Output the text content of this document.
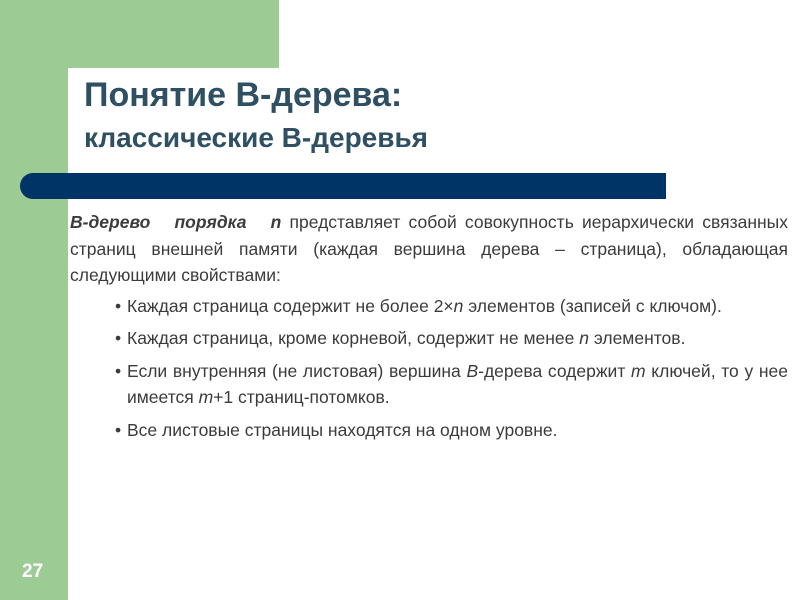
Понятие B-дерева:
классические B-деревья

B-дерево порядка n представляет собой совокупность иерархически связанных страниц внешней памяти (каждая вершина дерева – страница), обладающая следующими свойствами:

• Каждая страница содержит не более 2×n элементов (записей с ключом).
• Каждая страница, кроме корневой, содержит не менее n элементов.
• Если внутренняя (не листовая) вершина B-дерева содержит m ключей, то у нее имеется m+1 страниц-потомков.
• Все листовые страницы находятся на одном уровне.
27
